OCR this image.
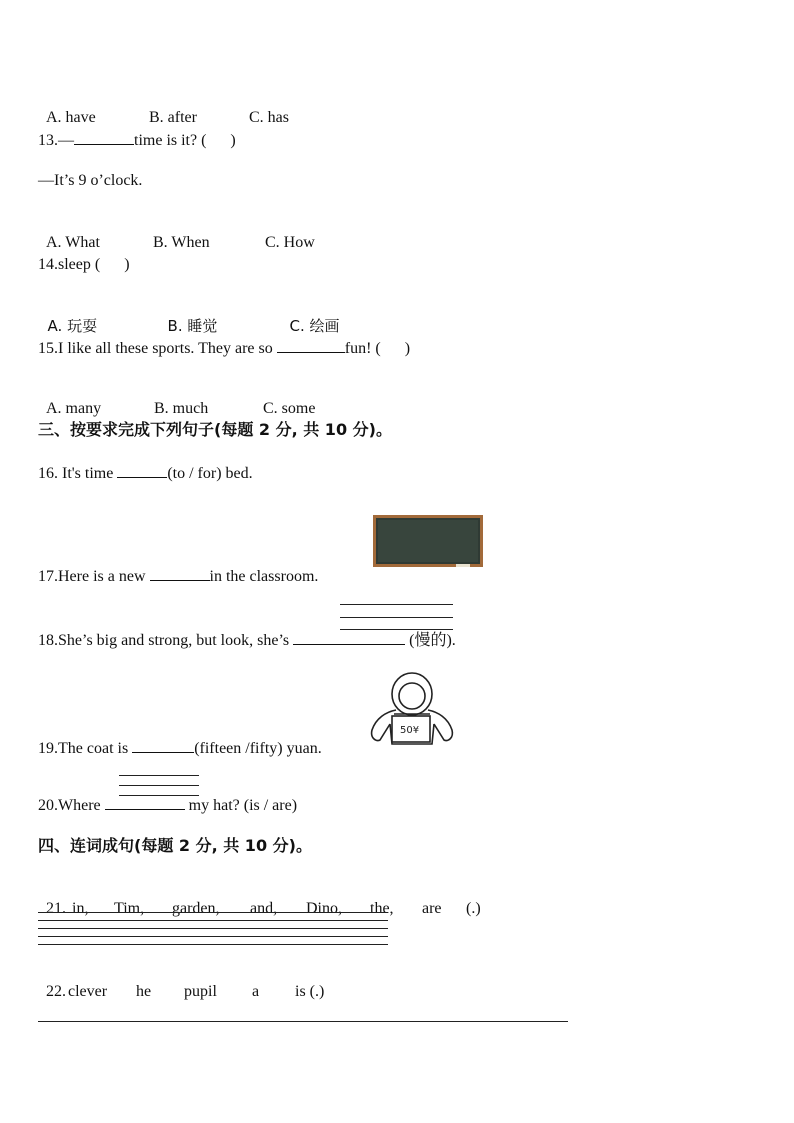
A. have	B. after	C. has

13.—	time is it? (      )
—It’s 9 o’clock.

A. What	B. When	C. How

14.sleep (      )

A. 玩耍	B. 睡觉	C. 绘画

15.I like all these sports. They are so	fun! (      )

A. many	B. much	C. some

三、按要求完成下列句子(每题 2 分, 共 10 分)。
16. It's time	(to / for) bed.
17.Here is a new	in the classroom.
18.She’s big and strong, but look, she’s	(慢的).
50¥
19.The coat is	(fifteen /fifty) yuan.
20.Where	my hat? (is / are)
四、连词成句(每题 2 分, 共 10 分)。

21. in, Tim, garden, and, Dino, the, are (.)

22. clever he pupil a is (.)
